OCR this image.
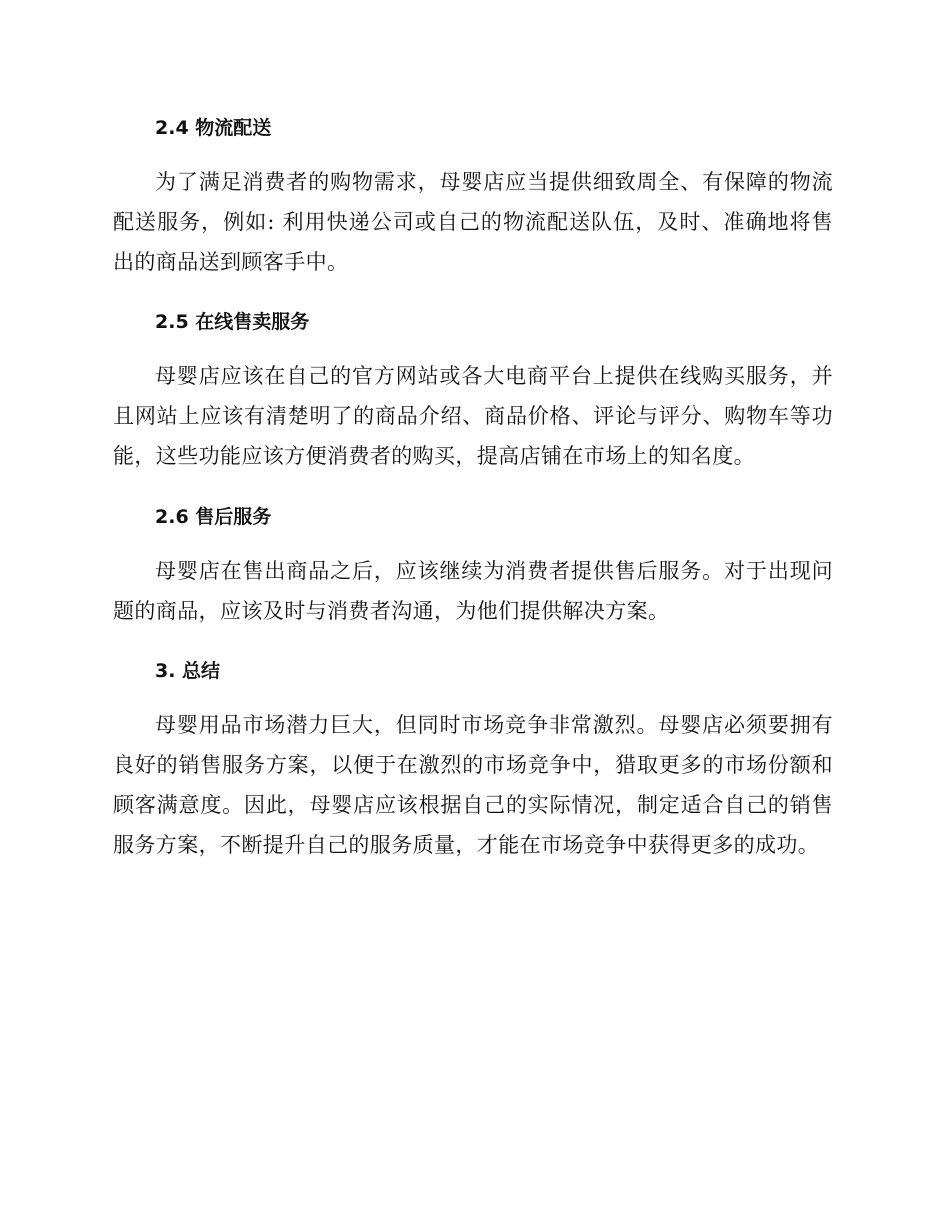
2.4 物流配送

为了满足消费者的购物需求，母婴店应当提供细致周全、有保障的物流配送服务，例如: 利用快递公司或自己的物流配送队伍，及时、准确地将售出的商品送到顾客手中。

2.5 在线售卖服务

母婴店应该在自己的官方网站或各大电商平台上提供在线购买服务，并且网站上应该有清楚明了的商品介绍、商品价格、评论与评分、购物车等功能，这些功能应该方便消费者的购买，提高店铺在市场上的知名度。

2.6 售后服务

母婴店在售出商品之后，应该继续为消费者提供售后服务。对于出现问题的商品，应该及时与消费者沟通，为他们提供解决方案。

3. 总结

母婴用品市场潜力巨大，但同时市场竞争非常激烈。母婴店必须要拥有良好的销售服务方案，以便于在激烈的市场竞争中，猎取更多的市场份额和顾客满意度。因此，母婴店应该根据自己的实际情况，制定适合自己的销售服务方案，不断提升自己的服务质量，才能在市场竞争中获得更多的成功。
